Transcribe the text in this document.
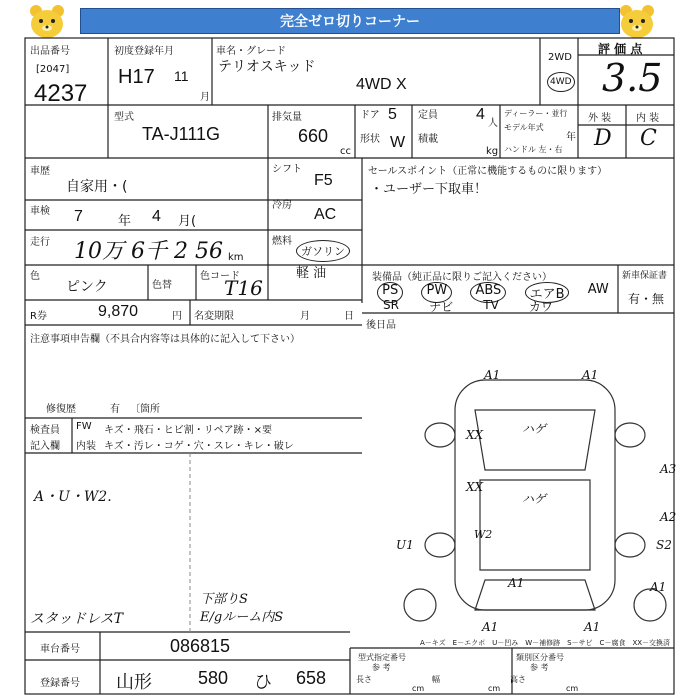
完全ゼロ切りコーナー
出品番号
[2047]
4237
初度登録年月
H17 11
月
車名・グレード
テリオスキッド
4WD X
2WD
4WD
評 価 点
3.5
型式
TA-J111G
排気量
660
cc
ドア 5
形状 W
定員 4
人
積載
kg
ディーラー・並行
モデル年式
年
ハンドル 左・右
外 装 内 装
D C
車歴
自家用・(
車検 7	年 4 月(
走行 10万 6千 2 56 km
色
ピンク	色替
色コード
T16
R券	9,870	円 名変期限	月	日
シフト
F5
冷房
AC
燃料
ガソリン
軽 油
セールスポイント（正常に機能するものに限ります）
・ユーザー下取車！
装備品（純正品に限りご記入ください）
PS	PW	ABS	エアB	AW
SR	ナビ	TV	カワ
新車保証書
有・無
後日品
注意事項申告欄（不具合内容等は具体的に記入して下さい）
修復歴	有 〔箇所
検査員
記入欄
FW
内装
キズ・飛石・ヒビ割・リペア跡・×要
キズ・汚レ・コゲ・穴・スレ・キレ・破レ
A・U・W2.
下部りS
E/gルーム内S
スタッドレスT
A1	A1
XX	ハゲ
XX
ハゲ
A3
A2
S2
U1
W2
A1	A1
A1	A1
A－キズ　E－エクボ　U－凹み　W－補修跡　S－サビ　C－腐食　XX－交換済
車台番号	086815
登録番号 山形	580 ひ 658
型式指定番号
参 考
類別区分番号
参 考
長さ	幅	高さ
cm	cm	cm
